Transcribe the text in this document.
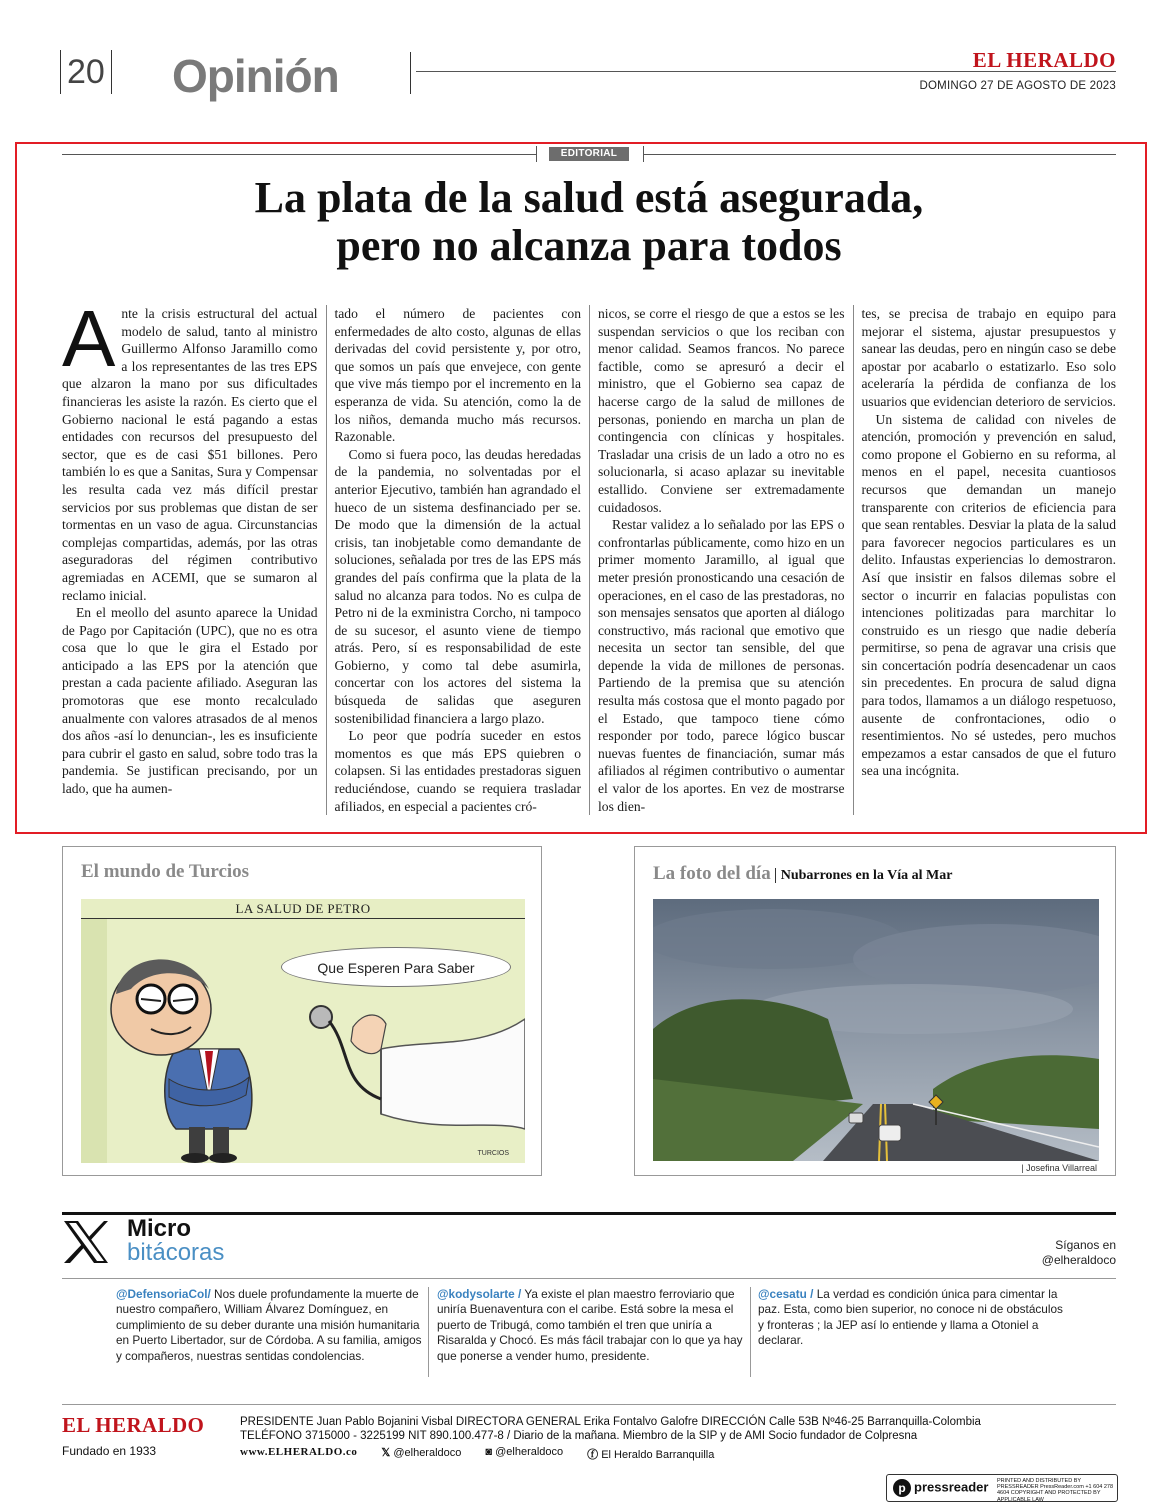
20 Opinión	EL HERALDO
DOMINGO 27 DE AGOSTO DE 2023
EDITORIAL
La plata de la salud está asegurada,
pero no alcanza para todos

Ante la crisis estructural del actual modelo de salud, tanto al ministro Guillermo Alfonso Jaramillo como a los representantes de las tres EPS que alzaron la mano por sus dificultades financieras les asiste la razón. Es cierto que el Gobierno nacional le está pagando a estas entidades con recursos del presupuesto del sector, que es de casi $51 billones. Pero también lo es que a Sanitas, Sura y Compensar les resulta cada vez más difícil prestar servicios por sus problemas que distan de ser tormentas en un vaso de agua. Circunstancias complejas compartidas, además, por las otras aseguradoras del régimen contributivo agremiadas en ACEMI, que se sumaron al reclamo inicial.

En el meollo del asunto aparece la Unidad de Pago por Capitación (UPC), que no es otra cosa que lo que le gira el Estado por anticipado a las EPS por la atención que prestan a cada paciente afiliado. Aseguran las promotoras que ese monto recalculado anualmente con valores atrasados de al menos dos años -así lo denuncian-, les es insuficiente para cubrir el gasto en salud, sobre todo tras la pandemia. Se justifican precisando, por un lado, que ha aumen-

tado el número de pacientes con enfermedades de alto costo, algunas de ellas derivadas del covid persistente y, por otro, que somos un país que envejece, con gente que vive más tiempo por el incremento en la esperanza de vida. Su atención, como la de los niños, demanda mucho más recursos. Razonable.

Como si fuera poco, las deudas heredadas de la pandemia, no solventadas por el anterior Ejecutivo, también han agrandado el hueco de un sistema desfinanciado per se. De modo que la dimensión de la actual crisis, tan inobjetable como demandante de soluciones, señalada por tres de las EPS más grandes del país confirma que la plata de la salud no alcanza para todos. No es culpa de Petro ni de la exministra Corcho, ni tampoco de su sucesor, el asunto viene de tiempo atrás. Pero, sí es responsabilidad de este Gobierno, y como tal debe asumirla, concertar con los actores del sistema la búsqueda de salidas que aseguren sostenibilidad financiera a largo plazo.

Lo peor que podría suceder en estos momentos es que más EPS quiebren o colapsen. Si las entidades prestadoras siguen reduciéndose, cuando se requiera trasladar afiliados, en especial a pacientes cró-

nicos, se corre el riesgo de que a estos se les suspendan servicios o que los reciban con menor calidad. Seamos francos. No parece factible, como se apresuró a decir el ministro, que el Gobierno sea capaz de hacerse cargo de la salud de millones de personas, poniendo en marcha un plan de contingencia con clínicas y hospitales. Trasladar una crisis de un lado a otro no es solucionarla, si acaso aplazar su inevitable estallido. Conviene ser extremadamente cuidadosos.

Restar validez a lo señalado por las EPS o confrontarlas públicamente, como hizo en un primer momento Jaramillo, al igual que meter presión pronosticando una cesación de operaciones, en el caso de las prestadoras, no son mensajes sensatos que aporten al diálogo constructivo, más racional que emotivo que necesita un sector tan sensible, del que depende la vida de millones de personas. Partiendo de la premisa que su atención resulta más costosa que el monto pagado por el Estado, que tampoco tiene cómo responder por todo, parece lógico buscar nuevas fuentes de financiación, sumar más afiliados al régimen contributivo o aumentar el valor de los aportes. En vez de mostrarse los dien-

tes, se precisa de trabajo en equipo para mejorar el sistema, ajustar presupuestos y sanear las deudas, pero en ningún caso se debe apostar por acabarlo o estatizarlo. Eso solo aceleraría la pérdida de confianza de los usuarios que evidencian deterioro de servicios.

Un sistema de calidad con niveles de atención, promoción y prevención en salud, como propone el Gobierno en su reforma, al menos en el papel, necesita cuantiosos recursos que demandan un manejo transparente con criterios de eficiencia para que sean rentables. Desviar la plata de la salud para favorecer negocios particulares es un delito. Infaustas experiencias lo demostraron. Así que insistir en falsos dilemas sobre el sector o incurrir en falacias populistas con intenciones politizadas para marchitar lo construido es un riesgo que nadie debería permitirse, so pena de agravar una crisis que sin concertación podría desencadenar un caos sin precedentes. En procura de salud digna para todos, llamamos a un diálogo respetuoso, ausente de confrontaciones, odio o resentimientos. No sé ustedes, pero muchos empezamos a estar cansados de que el futuro sea una incógnita.

El mundo de Turcios
LA SALUD DE PETRO
Que Esperen Para Saber
TURCIOS
La foto del día Nubarrones en la Vía al Mar
| Josefina Villarreal
Micro
bitácoras	Síganos en
@elheraldoco
@DefensoriaCol/ Nos duele profundamente la muerte de nuestro compañero, William Álvarez Domínguez, en cumplimiento de su deber durante una misión humanitaria en Puerto Libertador, sur de Córdoba. A su familia, amigos y compañeros, nuestras sentidas condolencias.
@kodysolarte / Ya existe el plan maestro ferroviario que uniría Buenaventura con el caribe. Está sobre la mesa el puerto de Tribugá, como también el tren que uniría a Risaralda y Chocó. Es más fácil trabajar con lo que ya hay que ponerse a vender humo, presidente.
@cesatu / La verdad es condición única para cimentar la paz. Esta, como bien superior, no conoce ni de obstáculos y fronteras ; la JEP así lo entiende y llama a Otoniel a declarar.
EL HERALDO
Fundado en 1933
PRESIDENTE Juan Pablo Bojanini Visbal DIRECTORA GENERAL Erika Fontalvo Galofre DIRECCIÓN Calle 53B Nº46-25 Barranquilla-Colombia
TELÉFONO 3715000 - 3225199 NIT 890.100.477-8 / Diario de la mañana. Miembro de la SIP y de AMI Socio fundador de Colpresna
www.ELHERALDO.co 𝕏 @elheraldoco ◙ @elheraldoco ⓕ El Heraldo Barranquilla
p pressreader PRINTED AND DISTRIBUTED BY PRESSREADER PressReader.com +1 604 278 4604 COPYRIGHT AND PROTECTED BY APPLICABLE LAW
